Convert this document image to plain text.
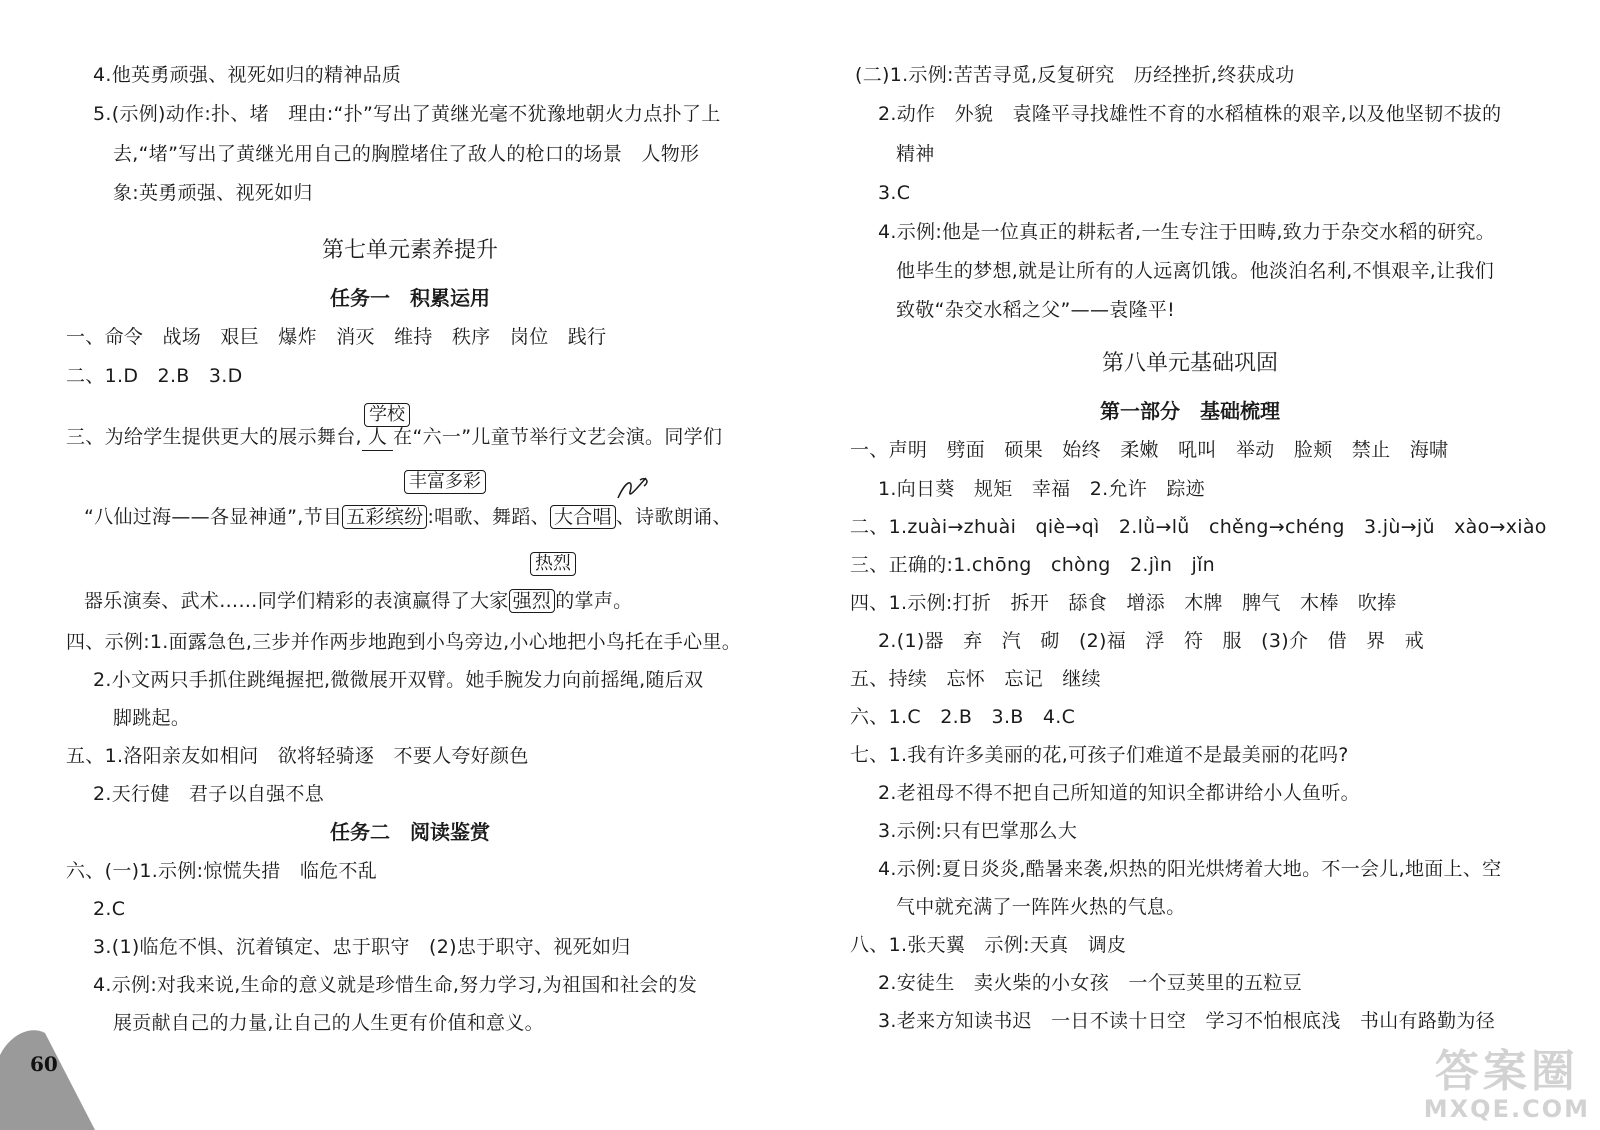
4.他英勇顽强、视死如归的精神品质
5.(示例)动作:扑、堵　理由:“扑”写出了黄继光毫不犹豫地朝火力点扑了上
去,“堵”写出了黄继光用自己的胸膛堵住了敌人的枪口的场景　人物形
象:英勇顽强、视死如归
第七单元素养提升
任务一　积累运用
一、命令　战场　艰巨　爆炸　消灭　维持　秩序　岗位　践行
二、1.D　2.B　3.D
学校
三、为给学生提供更大的展示舞台, 人 在“六一”儿童节举行文艺会演。同学们
丰富多彩
“八仙过海——各显神通”,节目 五彩缤纷 :唱歌、舞蹈、 大合唱 、诗歌朗诵、
热烈
器乐演奏、武术……同学们精彩的表演赢得了大家 强烈 的掌声。
四、示例:1.面露急色,三步并作两步地跑到小鸟旁边,小心地把小鸟托在手心里。
2.小文两只手抓住跳绳握把,微微展开双臂。她手腕发力向前摇绳,随后双
脚跳起。
五、1.洛阳亲友如相问　欲将轻骑逐　不要人夸好颜色
2.天行健　君子以自强不息
任务二　阅读鉴赏
六、(一)1.示例:惊慌失措　临危不乱
2.C
3.(1)临危不惧、沉着镇定、忠于职守　(2)忠于职守、视死如归
4.示例:对我来说,生命的意义就是珍惜生命,努力学习,为祖国和社会的发
展贡献自己的力量,让自己的人生更有价值和意义。
60
(二)1.示例:苦苦寻觅,反复研究　历经挫折,终获成功
2.动作　外貌　袁隆平寻找雄性不育的水稻植株的艰辛,以及他坚韧不拔的
精神
3.C
4.示例:他是一位真正的耕耘者,一生专注于田畴,致力于杂交水稻的研究。
他毕生的梦想,就是让所有的人远离饥饿。他淡泊名利,不惧艰辛,让我们
致敬“杂交水稻之父”——袁隆平!
第八单元基础巩固
第一部分　基础梳理
一、声明　劈面　硕果　始终　柔嫩　吼叫　举动　脸颊　禁止　海啸
1.向日葵　规矩　幸福　2.允许　踪迹
二、1.zuài→zhuài　qiè→qì　2.lǜ→lǚ　chěng→chéng　3.jù→jǔ　xào→xiào
三、正确的:1.chōng　chòng　2.jìn　jǐn
四、1.示例:打折　拆开　舔食　增添　木牌　脾气　木棒　吹捧
2.(1)器　弃　汽　砌　(2)福　浮　符　服　(3)介　借　界　戒
五、持续　忘怀　忘记　继续
六、1.C　2.B　3.B　4.C
七、1.我有许多美丽的花,可孩子们难道不是最美丽的花吗?
2.老祖母不得不把自己所知道的知识全都讲给小人鱼听。
3.示例:只有巴掌那么大
4.示例:夏日炎炎,酷暑来袭,炽热的阳光烘烤着大地。不一会儿,地面上、空
气中就充满了一阵阵火热的气息。
八、1.张天翼　示例:天真　调皮
2.安徒生　卖火柴的小女孩　一个豆荚里的五粒豆
3.老来方知读书迟　一日不读十日空　学习不怕根底浅　书山有路勤为径
答案圈
MXQE.COM
